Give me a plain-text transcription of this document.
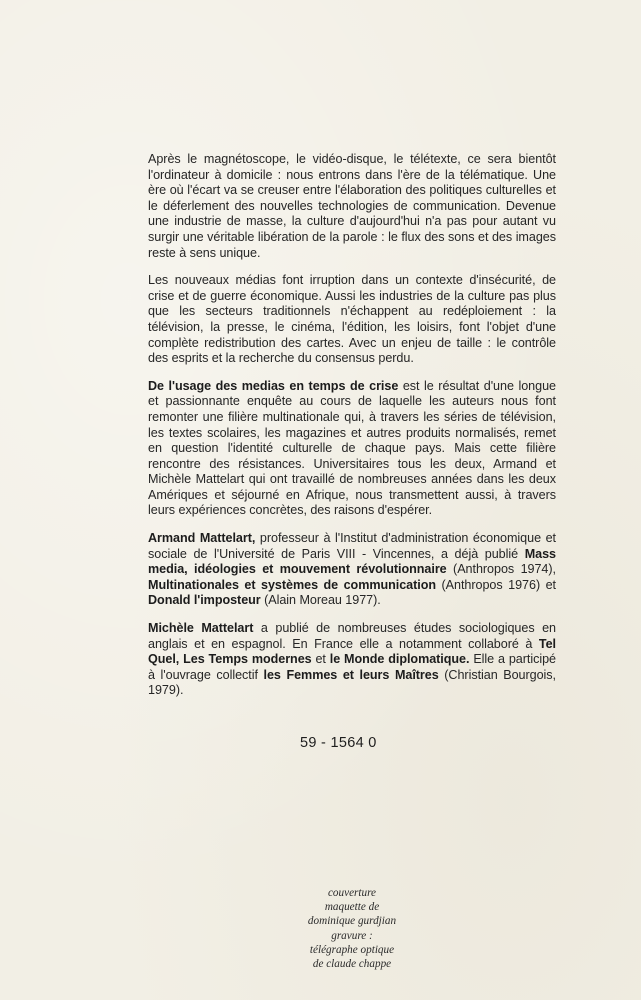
Après le magnétoscope, le vidéo-disque, le télétexte, ce sera bientôt l'ordinateur à domicile : nous entrons dans l'ère de la télématique. Une ère où l'écart va se creuser entre l'élaboration des politiques culturelles et le déferlement des nouvelles technologies de communication. Devenue une industrie de masse, la culture d'aujourd'hui n'a pas pour autant vu surgir une véritable libération de la parole : le flux des sons et des images reste à sens unique.

Les nouveaux médias font irruption dans un contexte d'insécurité, de crise et de guerre économique. Aussi les industries de la culture pas plus que les secteurs traditionnels n'échappent au redéploiement : la télévision, la presse, le cinéma, l'édition, les loisirs, font l'objet d'une complète redistribution des cartes. Avec un enjeu de taille : le contrôle des esprits et la recherche du consensus perdu.

De l'usage des medias en temps de crise est le résultat d'une longue et passionnante enquête au cours de laquelle les auteurs nous font remonter une filière multinationale qui, à travers les séries de télévision, les textes scolaires, les magazines et autres produits normalisés, remet en question l'identité culturelle de chaque pays. Mais cette filière rencontre des résistances. Universitaires tous les deux, Armand et Michèle Mattelart qui ont travaillé de nombreuses années dans les deux Amériques et séjourné en Afrique, nous transmettent aussi, à travers leurs expériences concrètes, des raisons d'espérer.

Armand Mattelart, professeur à l'Institut d'administration économique et sociale de l'Université de Paris VIII - Vincennes, a déjà publié Mass media, idéologies et mouvement révolutionnaire (Anthropos 1974), Multinationales et systèmes de communication (Anthropos 1976) et Donald l'imposteur (Alain Moreau 1977).

Michèle Mattelart a publié de nombreuses études sociologiques en anglais et en espagnol. En France elle a notamment collaboré à Tel Quel, Les Temps modernes et le Monde diplomatique. Elle a participé à l'ouvrage collectif les Femmes et leurs Maîtres (Christian Bourgois, 1979).

59 - 1564 0
couverture
maquette de
dominique gurdjian
gravure :
télégraphe optique
de claude chappe
